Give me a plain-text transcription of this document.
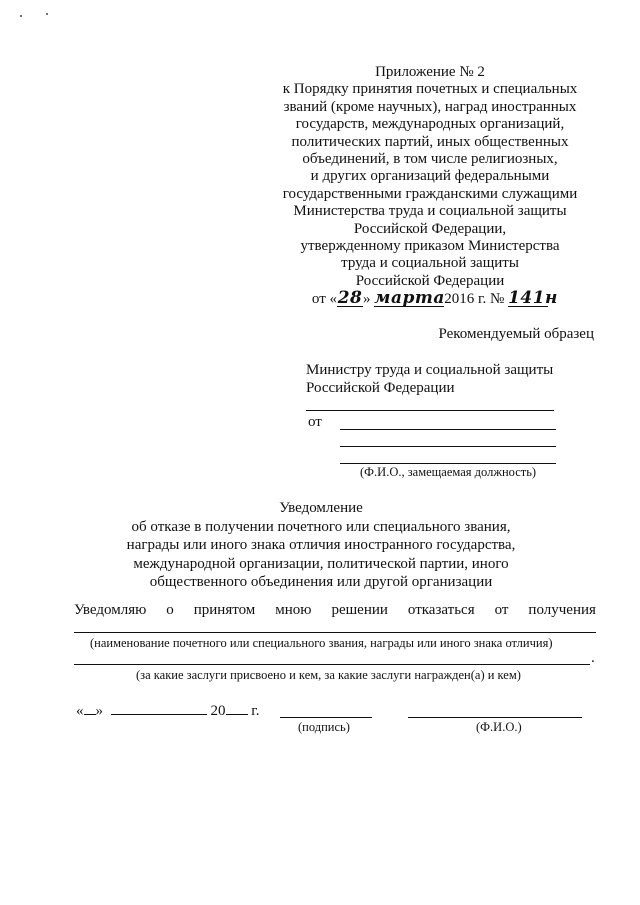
Приложение № 2
к Порядку принятия почетных и специальных
званий (кроме научных), наград иностранных
государств, международных организаций,
политических партий, иных общественных
объединений, в том числе религиозных,
и других организаций федеральными
государственными гражданскими служащими
Министерства труда и социальной защиты
Российской Федерации,
утвержденному приказом Министерства
труда и социальной защиты
Российской Федерации
от «28» марта2016 г. № 141н
Рекомендуемый образец
Министру труда и социальной защиты
Российской Федерации
от
(Ф.И.О., замещаемая должность)
Уведомление
об отказе в получении почетного или специального звания,
награды или иного знака отличия иностранного государства,
международной организации, политической партии, иного
общественного объединения или другой организации
Уведомляю о принятом мною решении отказаться от получения
(наименование почетного или специального звания, награды или иного знака отличия)
.
(за какие заслуги присвоено и кем, за какие заслуги награжден(а) и кем)
« »	20 г.
(подпись)	(Ф.И.О.)
